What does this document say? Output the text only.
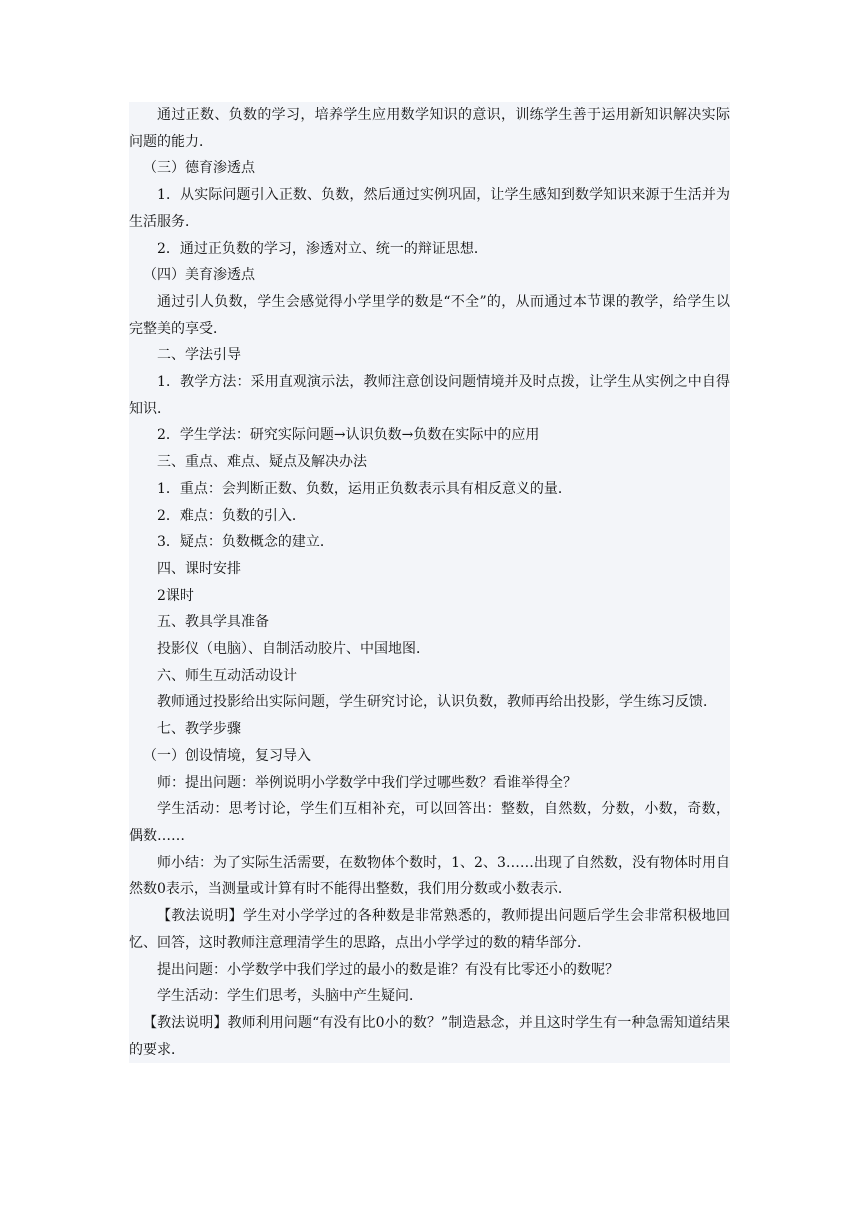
通过正数、负数的学习，培养学生应用数学知识的意识，训练学生善于运用新知识解决实际问题的能力．

（三）德育渗透点

1．从实际问题引入正数、负数，然后通过实例巩固，让学生感知到数学知识来源于生活并为生活服务．

2．通过正负数的学习，渗透对立、统一的辩证思想．

（四）美育渗透点

通过引人负数，学生会感觉得小学里学的数是“不全”的，从而通过本节课的教学，给学生以完整美的享受．

二、学法引导

1．教学方法：采用直观演示法，教师注意创设问题情境并及时点拨，让学生从实例之中自得知识．

2．学生学法：研究实际问题→认识负数→负数在实际中的应用

三、重点、难点、疑点及解决办法

1．重点：会判断正数、负数，运用正负数表示具有相反意义的量．

2．难点：负数的引入．

3．疑点：负数概念的建立．

四、课时安排

2课时

五、教具学具准备

投影仪（电脑）、自制活动胶片、中国地图．

六、师生互动活动设计

教师通过投影给出实际问题，学生研究讨论，认识负数，教师再给出投影，学生练习反馈．

七、教学步骤

（一）创设情境，复习导入

师：提出问题：举例说明小学数学中我们学过哪些数？看谁举得全？

学生活动：思考讨论，学生们互相补充，可以回答出：整数，自然数，分数，小数，奇数，偶数……

师小结：为了实际生活需要，在数物体个数时，1、2、3……出现了自然数，没有物体时用自然数0表示，当测量或计算有时不能得出整数，我们用分数或小数表示．

【教法说明】学生对小学学过的各种数是非常熟悉的，教师提出问题后学生会非常积极地回忆、回答，这时教师注意理清学生的思路，点出小学学过的数的精华部分．

提出问题：小学数学中我们学过的最小的数是谁？有没有比零还小的数呢？

学生活动：学生们思考，头脑中产生疑问．

【教法说明】教师利用问题“有没有比0小的数？”制造悬念，并且这时学生有一种急需知道结果的要求．
